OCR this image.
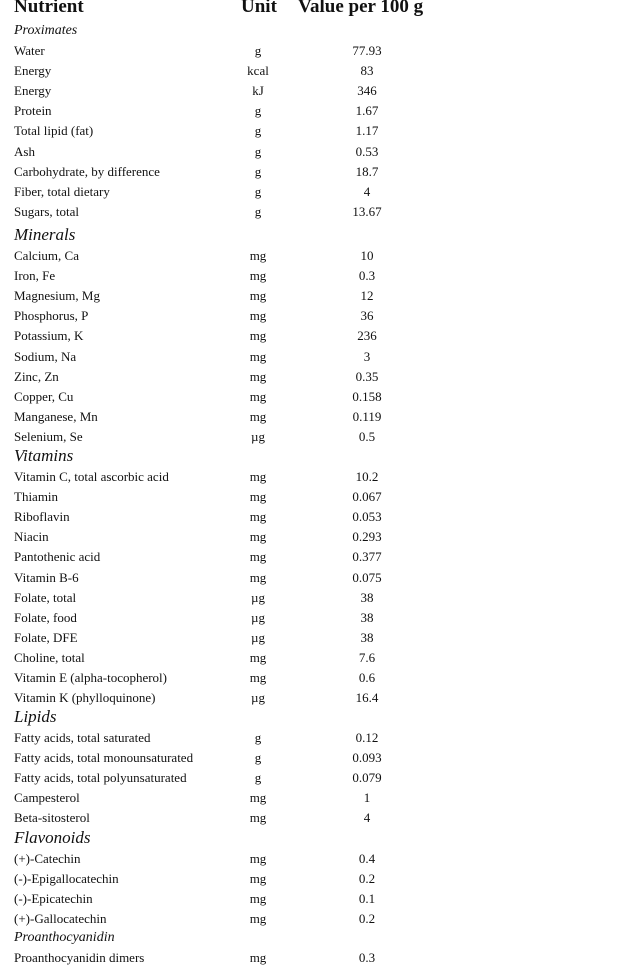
Nutrient	Unit Value per 100 g
Proximates
Water	g	77.93
Energy	kcal	83
Energy	kJ	346
Protein	g	1.67
Total lipid (fat)	g	1.17
Ash	g	0.53
Carbohydrate, by difference	g	18.7
Fiber, total dietary	g	4
Sugars, total	g	13.67
Minerals
Calcium, Ca	mg	10
Iron, Fe	mg	0.3
Magnesium, Mg	mg	12
Phosphorus, P	mg	36
Potassium, K	mg	236
Sodium, Na	mg	3
Zinc, Zn	mg	0.35
Copper, Cu	mg	0.158
Manganese, Mn	mg	0.119
Selenium, Se	µg	0.5
Vitamins
Vitamin C, total ascorbic acid	mg	10.2
Thiamin	mg	0.067
Riboflavin	mg	0.053
Niacin	mg	0.293
Pantothenic acid	mg	0.377
Vitamin B-6	mg	0.075
Folate, total	µg	38
Folate, food	µg	38
Folate, DFE	µg	38
Choline, total	mg	7.6
Vitamin E (alpha-tocopherol)	mg	0.6
Vitamin K (phylloquinone)	µg	16.4
Lipids
Fatty acids, total saturated	g	0.12
Fatty acids, total monounsaturated	g	0.093
Fatty acids, total polyunsaturated	g	0.079
Campesterol	mg	1
Beta-sitosterol	mg	4
Flavonoids
(+)-Catechin	mg	0.4
(-)-Epigallocatechin	mg	0.2
(-)-Epicatechin	mg	0.1
(+)-Gallocatechin	mg	0.2
Proanthocyanidin
Proanthocyanidin dimers	mg	0.3
